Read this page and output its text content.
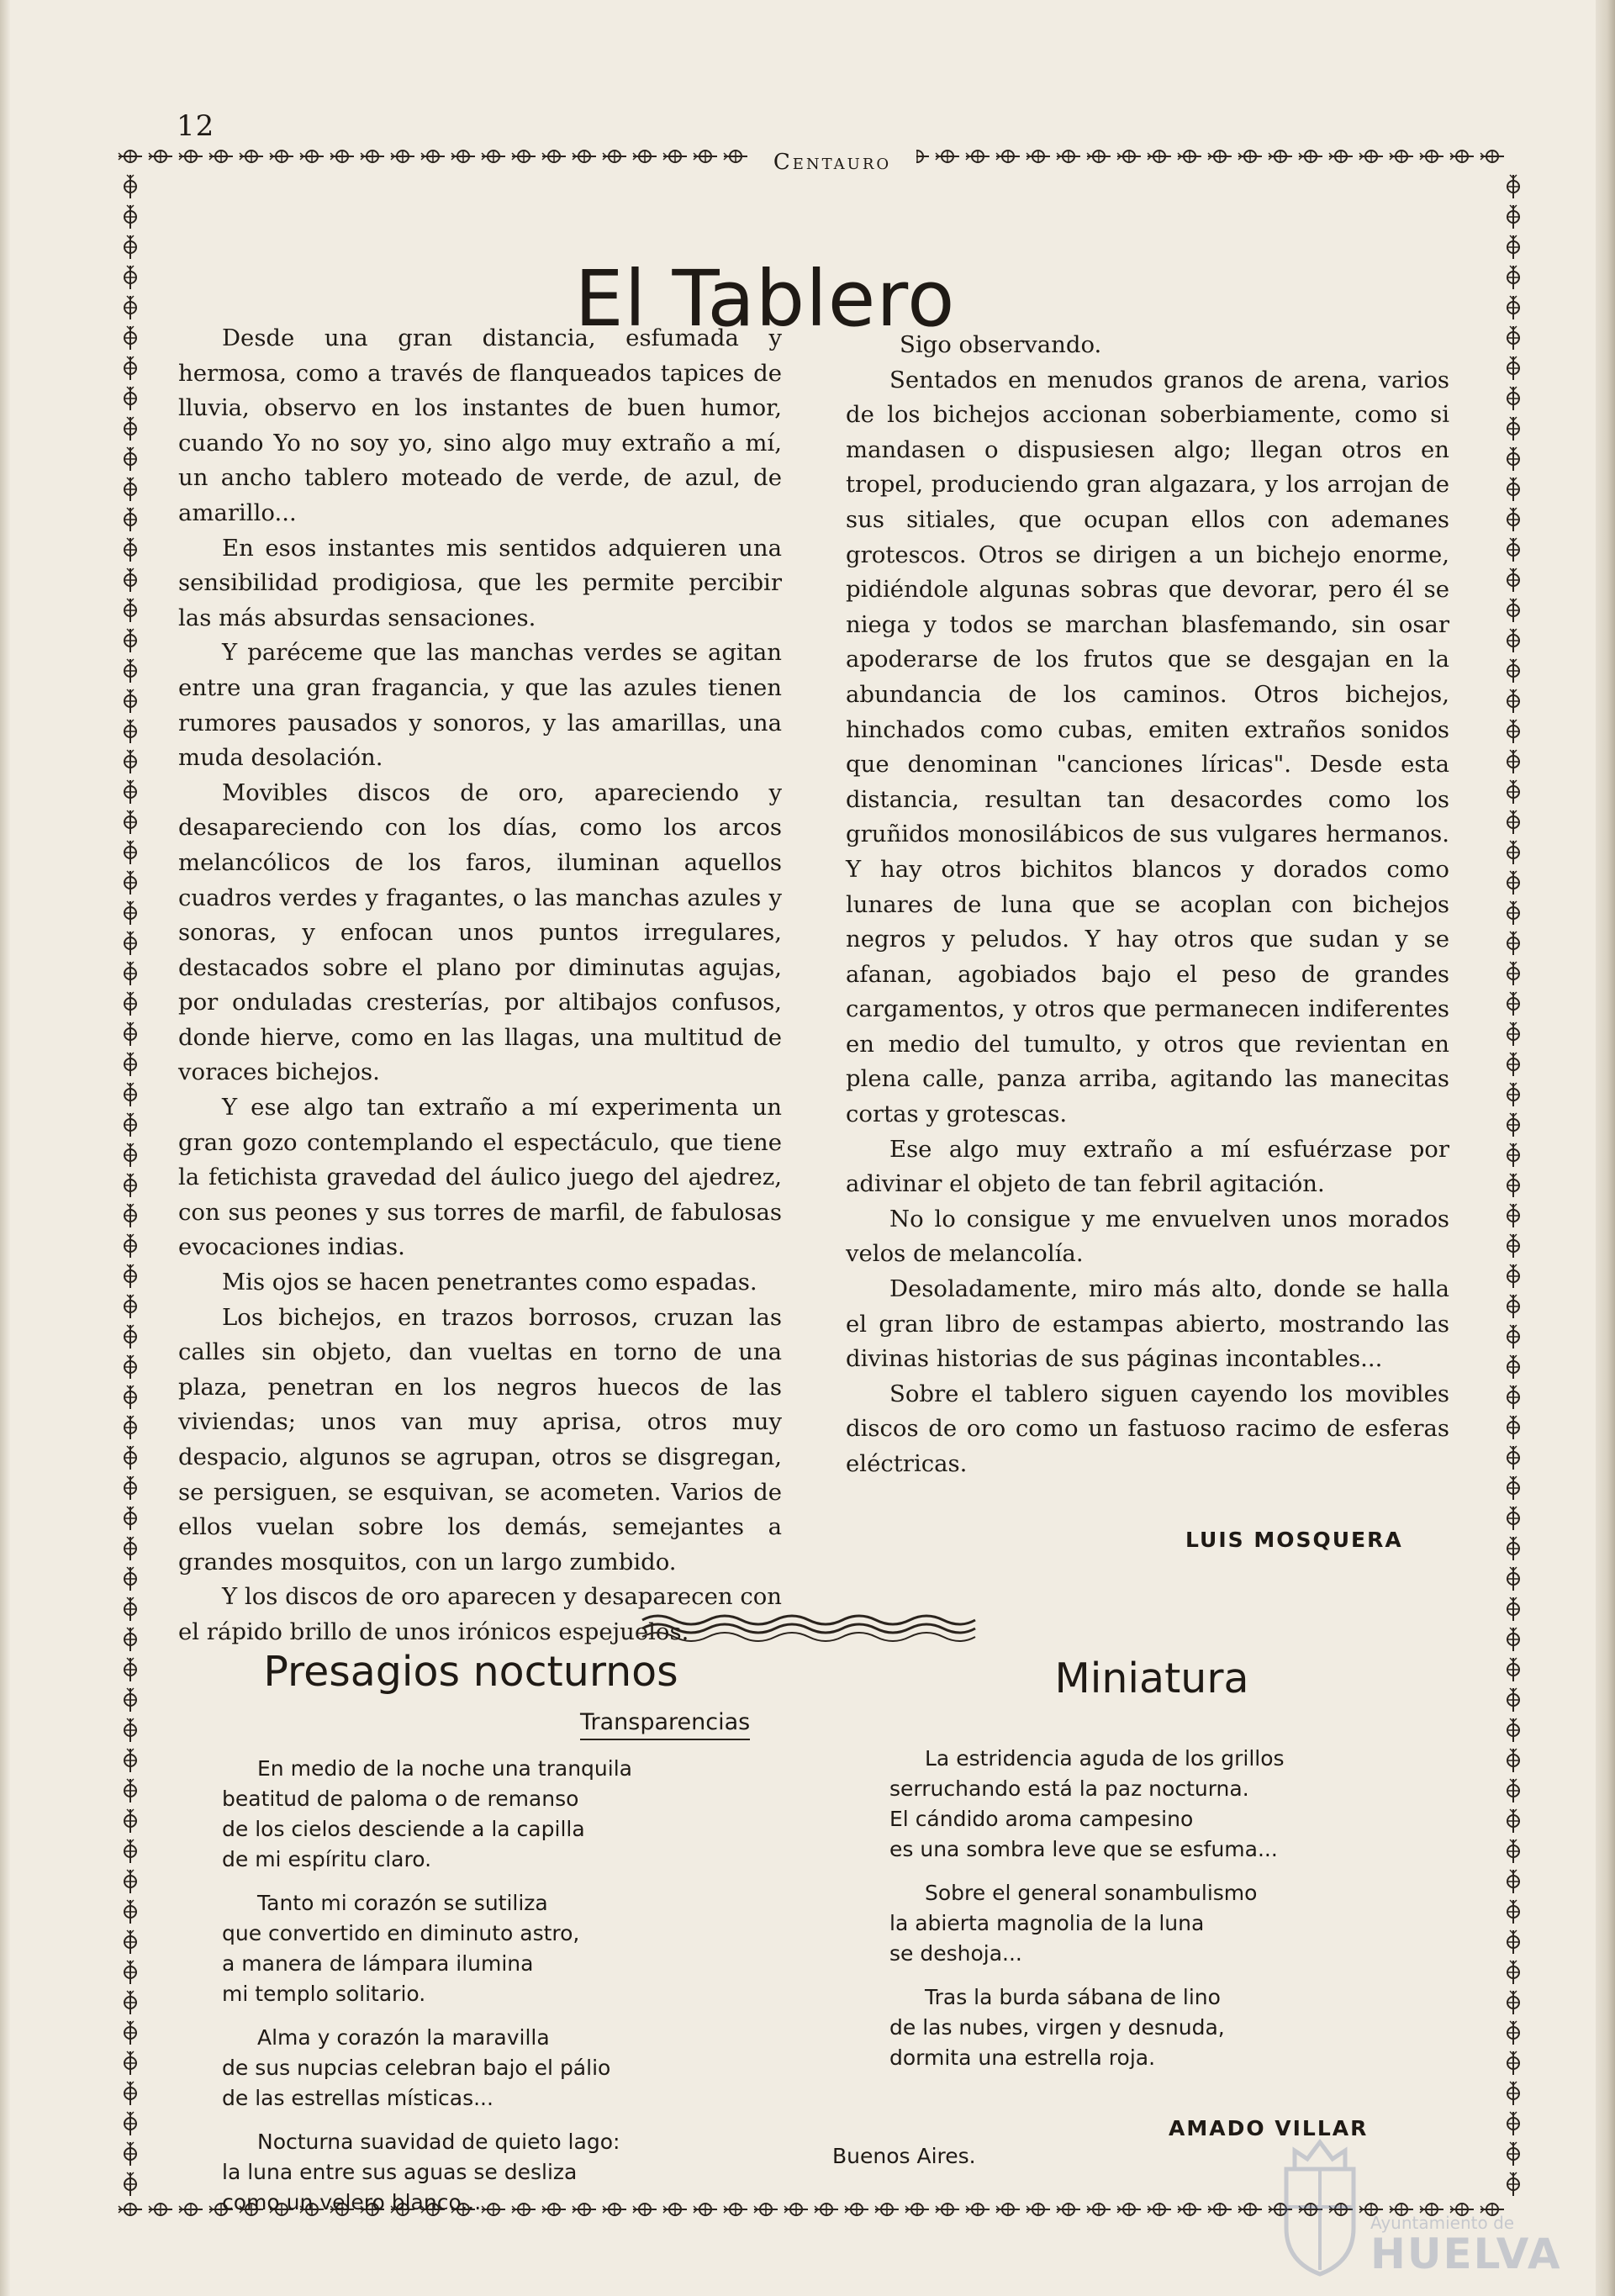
12
Centauro
El Tablero

Desde una gran distancia, esfumada y hermosa, como a través de flanqueados tapices de lluvia, observo en los instantes de buen humor, cuando Yo no soy yo, sino algo muy extraño a mí, un ancho tablero moteado de verde, de azul, de amarillo...

En esos instantes mis sentidos adquieren una sensibilidad prodigiosa, que les permite percibir las más absurdas sensaciones.

Y paréceme que las manchas verdes se agitan entre una gran fragancia, y que las azules tienen rumores pausados y sonoros, y las amarillas, una muda desolación.

Movibles discos de oro, apareciendo y desapareciendo con los días, como los arcos melancólicos de los faros, iluminan aquellos cuadros verdes y fragantes, o las manchas azules y sonoras, y enfocan unos puntos irregulares, destacados sobre el plano por diminutas agujas, por onduladas cresterías, por altibajos confusos, donde hierve, como en las llagas, una multitud de voraces bichejos.

Y ese algo tan extraño a mí experimenta un gran gozo contemplando el espectáculo, que tiene la fetichista gravedad del áulico juego del ajedrez, con sus peones y sus torres de marfil, de fabulosas evocaciones indias.

Mis ojos se hacen penetrantes como espadas.

Los bichejos, en trazos borrosos, cruzan las calles sin objeto, dan vueltas en torno de una plaza, penetran en los negros huecos de las viviendas; unos van muy aprisa, otros muy despacio, algunos se agrupan, otros se disgregan, se persiguen, se esquivan, se acometen. Varios de ellos vuelan sobre los demás, semejantes a grandes mosquitos, con un largo zumbido.

Y los discos de oro aparecen y desaparecen con el rápido brillo de unos irónicos espejuelos.

Sigo observando.

Sentados en menudos granos de arena, varios de los bichejos accionan soberbiamente, como si mandasen o dispusiesen algo; llegan otros en tropel, produciendo gran algazara, y los arrojan de sus sitiales, que ocupan ellos con ademanes grotescos. Otros se dirigen a un bichejo enorme, pidiéndole algunas sobras que devorar, pero él se niega y todos se marchan blasfemando, sin osar apoderarse de los frutos que se desgajan en la abundancia de los caminos. Otros bichejos, hinchados como cubas, emiten extraños sonidos que denominan "canciones líricas". Desde esta distancia, resultan tan desacordes como los gruñidos monosilábicos de sus vulgares hermanos. Y hay otros bichitos blancos y dorados como lunares de luna que se acoplan con bichejos negros y peludos. Y hay otros que sudan y se afanan, agobiados bajo el peso de grandes cargamentos, y otros que permanecen indiferentes en medio del tumulto, y otros que revientan en plena calle, panza arriba, agitando las manecitas cortas y grotescas.

Ese algo muy extraño a mí esfuérzase por adivinar el objeto de tan febril agitación.

No lo consigue y me envuelven unos morados velos de melancolía.

Desoladamente, miro más alto, donde se halla el gran libro de estampas abierto, mostrando las divinas historias de sus páginas incontables...

Sobre el tablero siguen cayendo los movibles discos de oro como un fastuoso racimo de esferas eléctricas.

LUIS MOSQUERA
Presagios nocturnos
Transparencias
Miniatura
En medio de la noche una tranquila
beatitud de paloma o de remanso
de los cielos desciende a la capilla
de mi espíritu claro.
Tanto mi corazón se sutiliza
que convertido en diminuto astro,
a manera de lámpara ilumina
mi templo solitario.
Alma y corazón la maravilla
de sus nupcias celebran bajo el pálio
de las estrellas místicas...
Nocturna suavidad de quieto lago:
la luna entre sus aguas se desliza
como un velero blanco...
La estridencia aguda de los grillos
serruchando está la paz nocturna.
El cándido aroma campesino
es una sombra leve que se esfuma...
Sobre el general sonambulismo
la abierta magnolia de la luna
se deshoja...
Tras la burda sábana de lino
de las nubes, virgen y desnuda,
dormita una estrella roja.
AMADO VILLAR
Buenos Aires.
Ayuntamiento de
HUELVA
